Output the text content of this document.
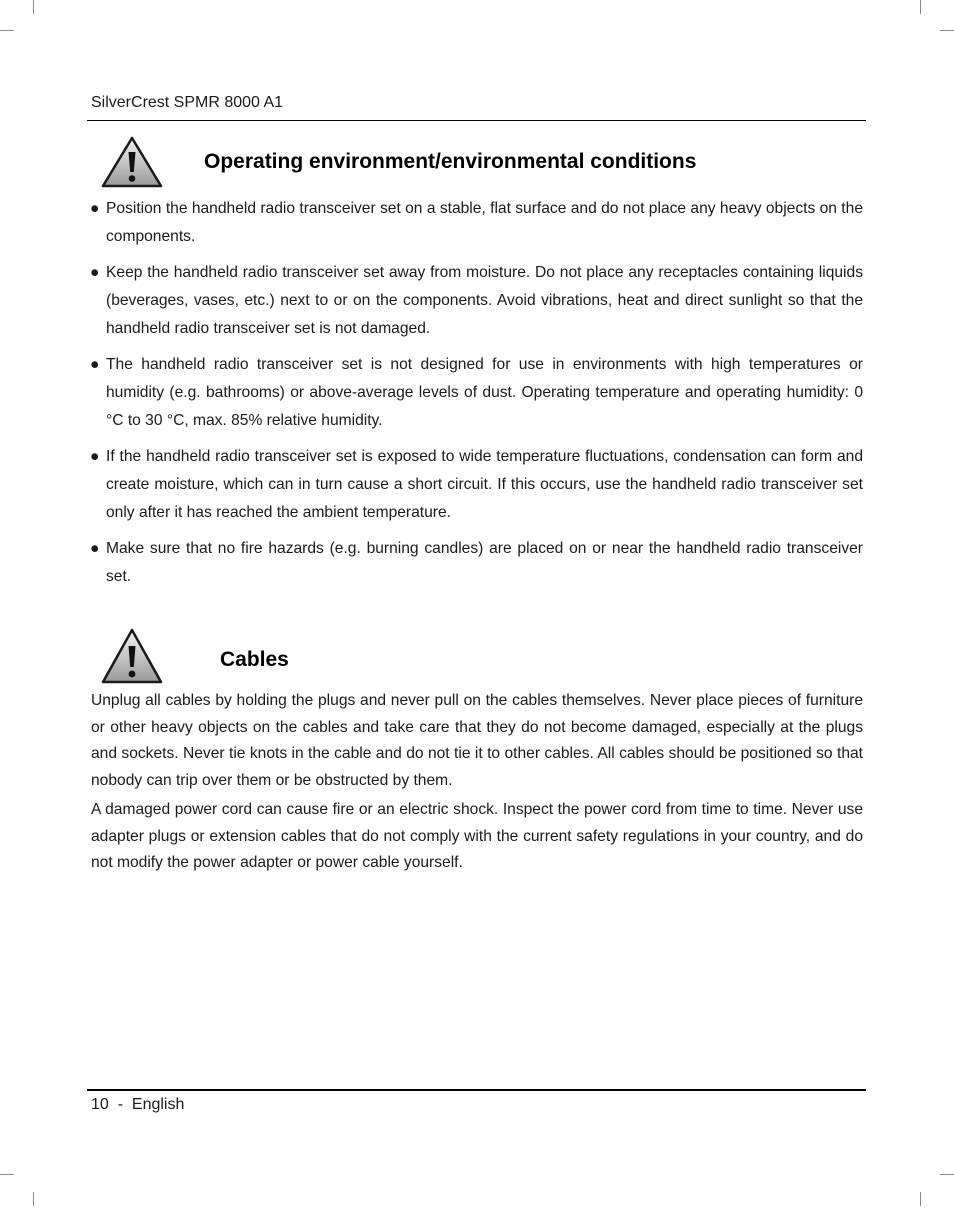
SilverCrest SPMR 8000 A1
Operating environment/environmental conditions
● Position the handheld radio transceiver set on a stable, flat surface and do not place any heavy objects on the components.
● Keep the handheld radio transceiver set away from moisture. Do not place any receptacles containing liquids (beverages, vases, etc.) next to or on the components. Avoid vibrations, heat and direct sunlight so that the handheld radio transceiver set is not damaged.
● The handheld radio transceiver set is not designed for use in environments with high temperatures or humidity (e.g. bathrooms) or above-average levels of dust. Operating temperature and operating humidity: 0 °C to 30 °C, max. 85% relative humidity.
● If the handheld radio transceiver set is exposed to wide temperature fluctuations, condensation can form and create moisture, which can in turn cause a short circuit. If this occurs, use the handheld radio transceiver set only after it has reached the ambient temperature.
● Make sure that no fire hazards (e.g. burning candles) are placed on or near the handheld radio transceiver set.
Cables

Unplug all cables by holding the plugs and never pull on the cables themselves. Never place pieces of furniture or other heavy objects on the cables and take care that they do not become damaged, especially at the plugs and sockets. Never tie knots in the cable and do not tie it to other cables. All cables should be positioned so that nobody can trip over them or be obstructed by them.

A damaged power cord can cause fire or an electric shock. Inspect the power cord from time to time. Never use adapter plugs or extension cables that do not comply with the current safety regulations in your country, and do not modify the power adapter or power cable yourself.

10  -  English
